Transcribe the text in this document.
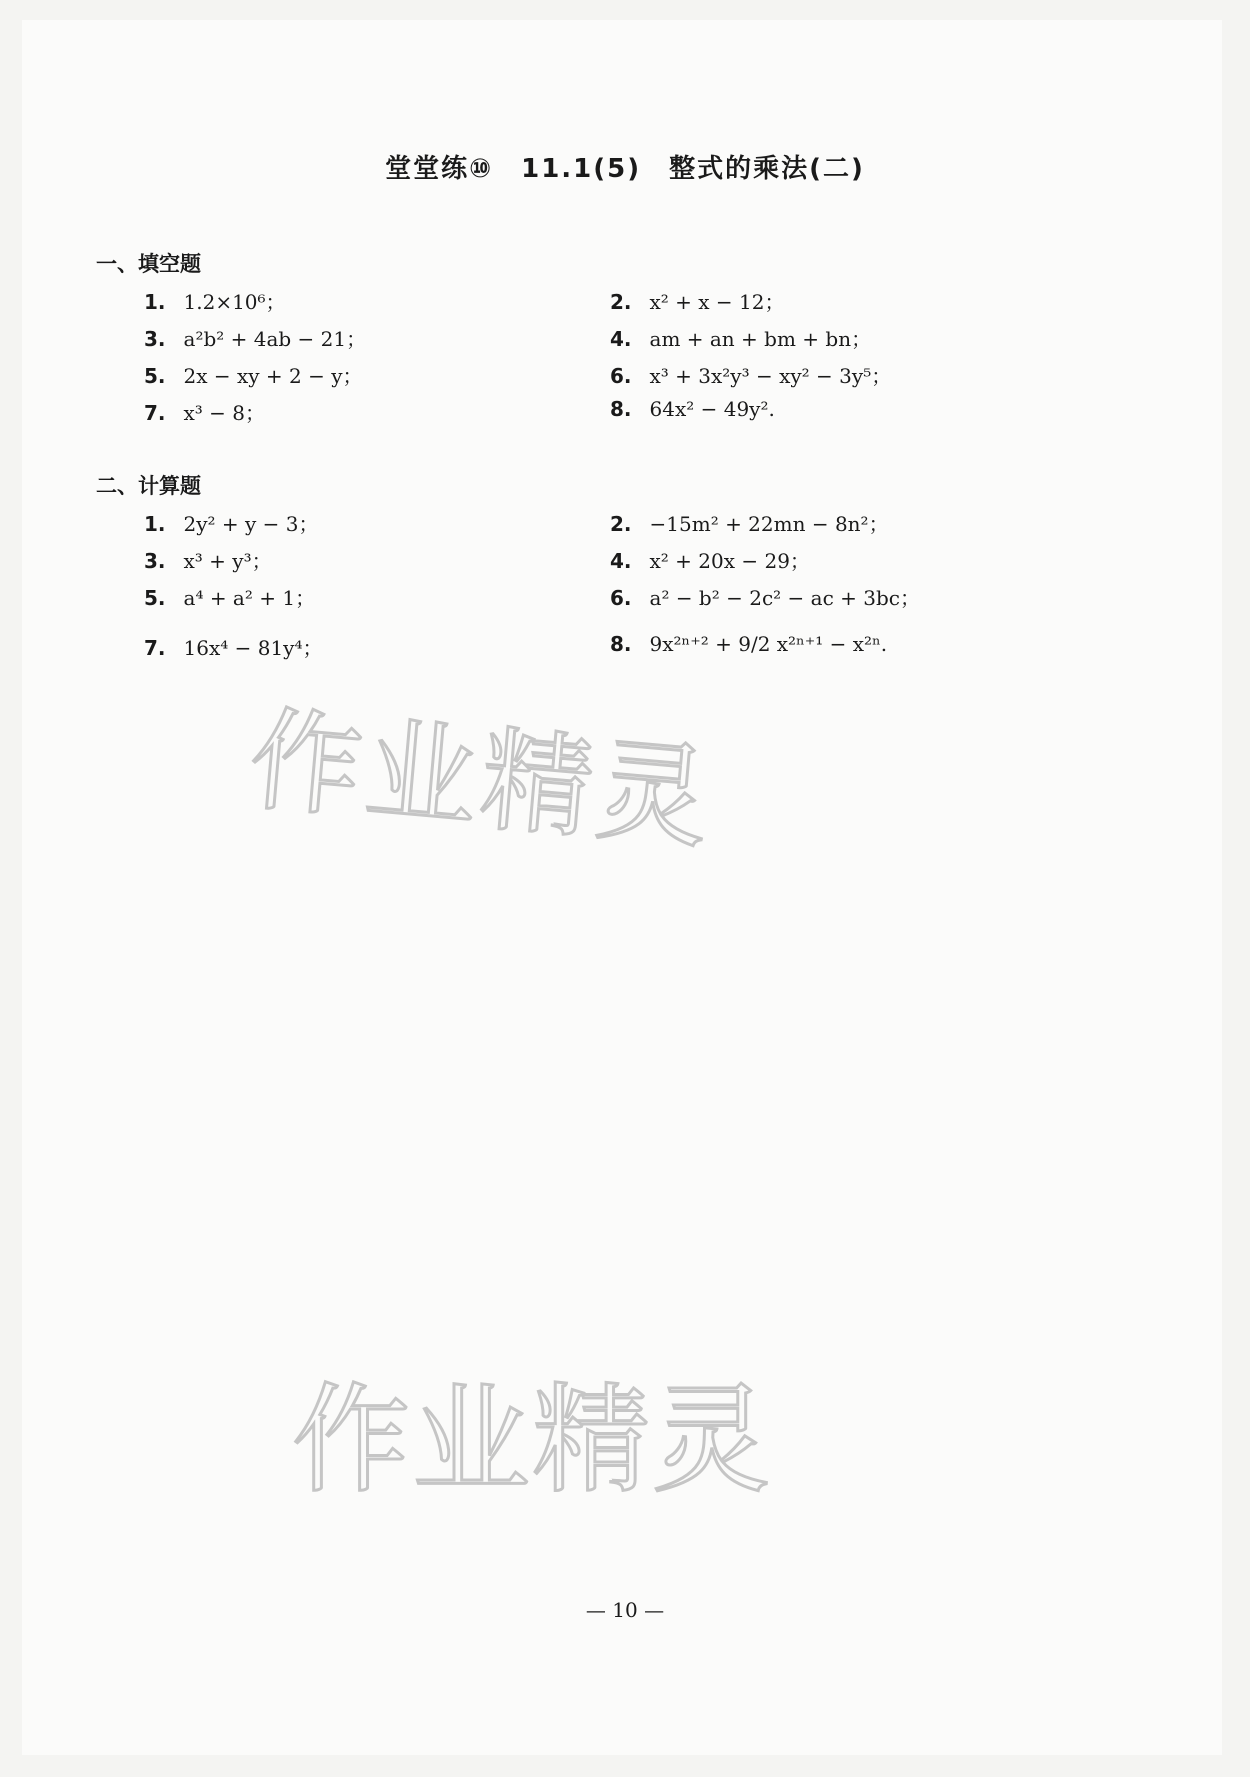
堂堂练⑩　11.1(5)　整式的乘法(二)
一、填空题
1. 1.2×10⁶；	2. x² + x − 12；
3. a²b² + 4ab − 21；	4. am + an + bm + bn；
5. 2x − xy + 2 − y；	6. x³ + 3x²y³ − xy² − 3y⁵；
7. x³ − 8；	8. 64x² − 49y².
二、计算题
1. 2y² + y − 3；	2. −15m² + 22mn − 8n²；
3. x³ + y³；	4. x² + 20x − 29；
5. a⁴ + a² + 1；	6. a² − b² − 2c² − ac + 3bc；
7. 16x⁴ − 81y⁴；	8. 9x²ⁿ⁺² + 9/2 x²ⁿ⁺¹ − x²ⁿ.
作业精灵
作业精灵
— 10 —
